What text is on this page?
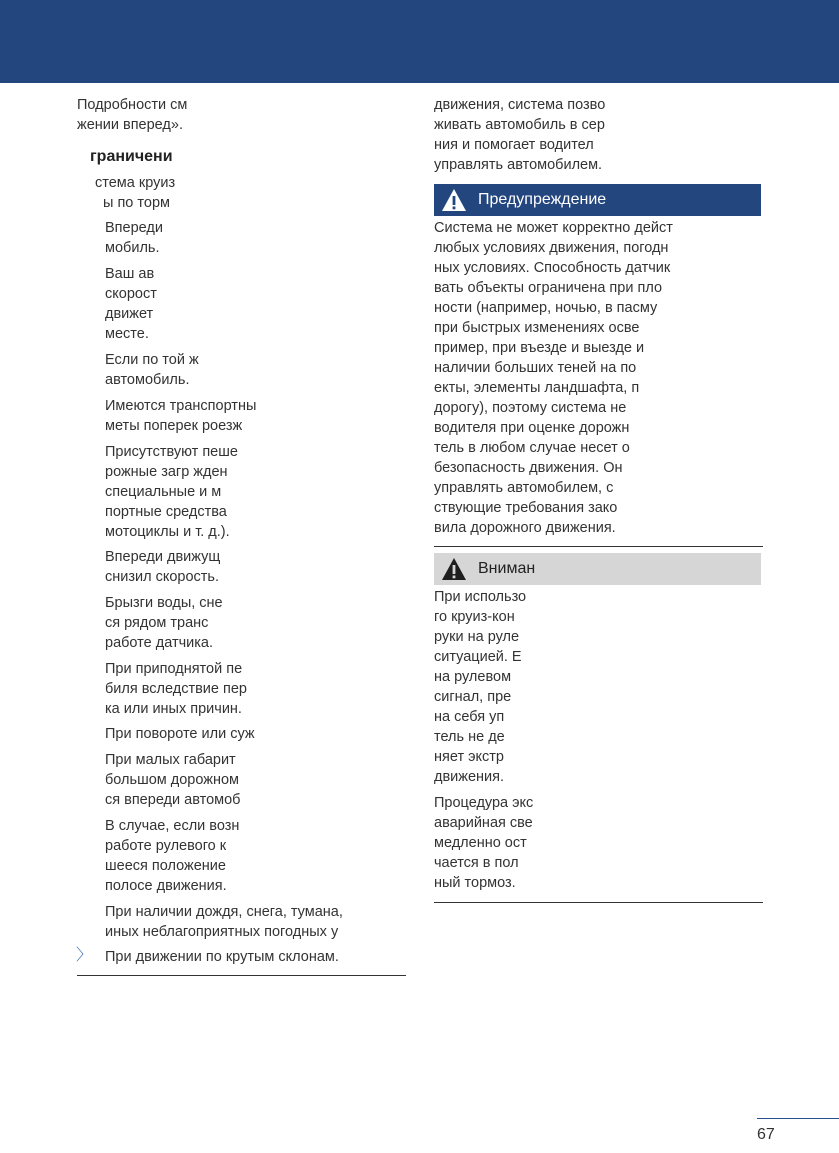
Подробности см
жении вперед».
граничени
стема круиз
ы по торм
Впереди
мобиль.
Ваш ав
скорост
движет
месте.
Если по той ж
автомобиль.
Имеются транспортны
меты поперек роезж
Присутствуют пеше
рожные загр жден
специальные и м
портные средства
мотоциклы и т. д.).
Впереди движущ
снизил скорость.
Брызги воды, сне
ся рядом транс
работе датчика.
При приподнятой пе
биля вследствие пер
ка или иных причин.
При повороте или суж
При малых габарит
большом дорожном
ся впереди автомоб
В случае, если возн
работе рулевого к
шееся положение
полосе движения.
При наличии дождя, снега, тумана,
иных неблагоприятных погодных у
〉 При движении по крутым склонам.
движения, система позво
живать автомобиль в сер
ния и помогает водител
управлять автомобилем.
Предупреждение
Система не может корректно дейст
любых условиях движения, погодн
ных условиях. Способность датчик
вать объекты ограничена при пло
ности (например, ночью, в пасму
при быстрых изменениях осве
пример, при въезде и выезде и
наличии больших теней на по
екты, элементы ландшафта, п
дорогу), поэтому система не
водителя при оценке дорожн
тель в любом случае несет о
безопасность движения. Он
управлять автомобилем, с
ствующие требования зако
вила дорожного движения.
Вниман
При использо
го круиз-кон
руки на руле
ситуацией. Е
на рулевом
сигнал, пре
на себя уп
тель не де
няет экстр
движения.
Процедура экс
аварийная све
медленно ост
чается в пол
ный тормоз.
67
